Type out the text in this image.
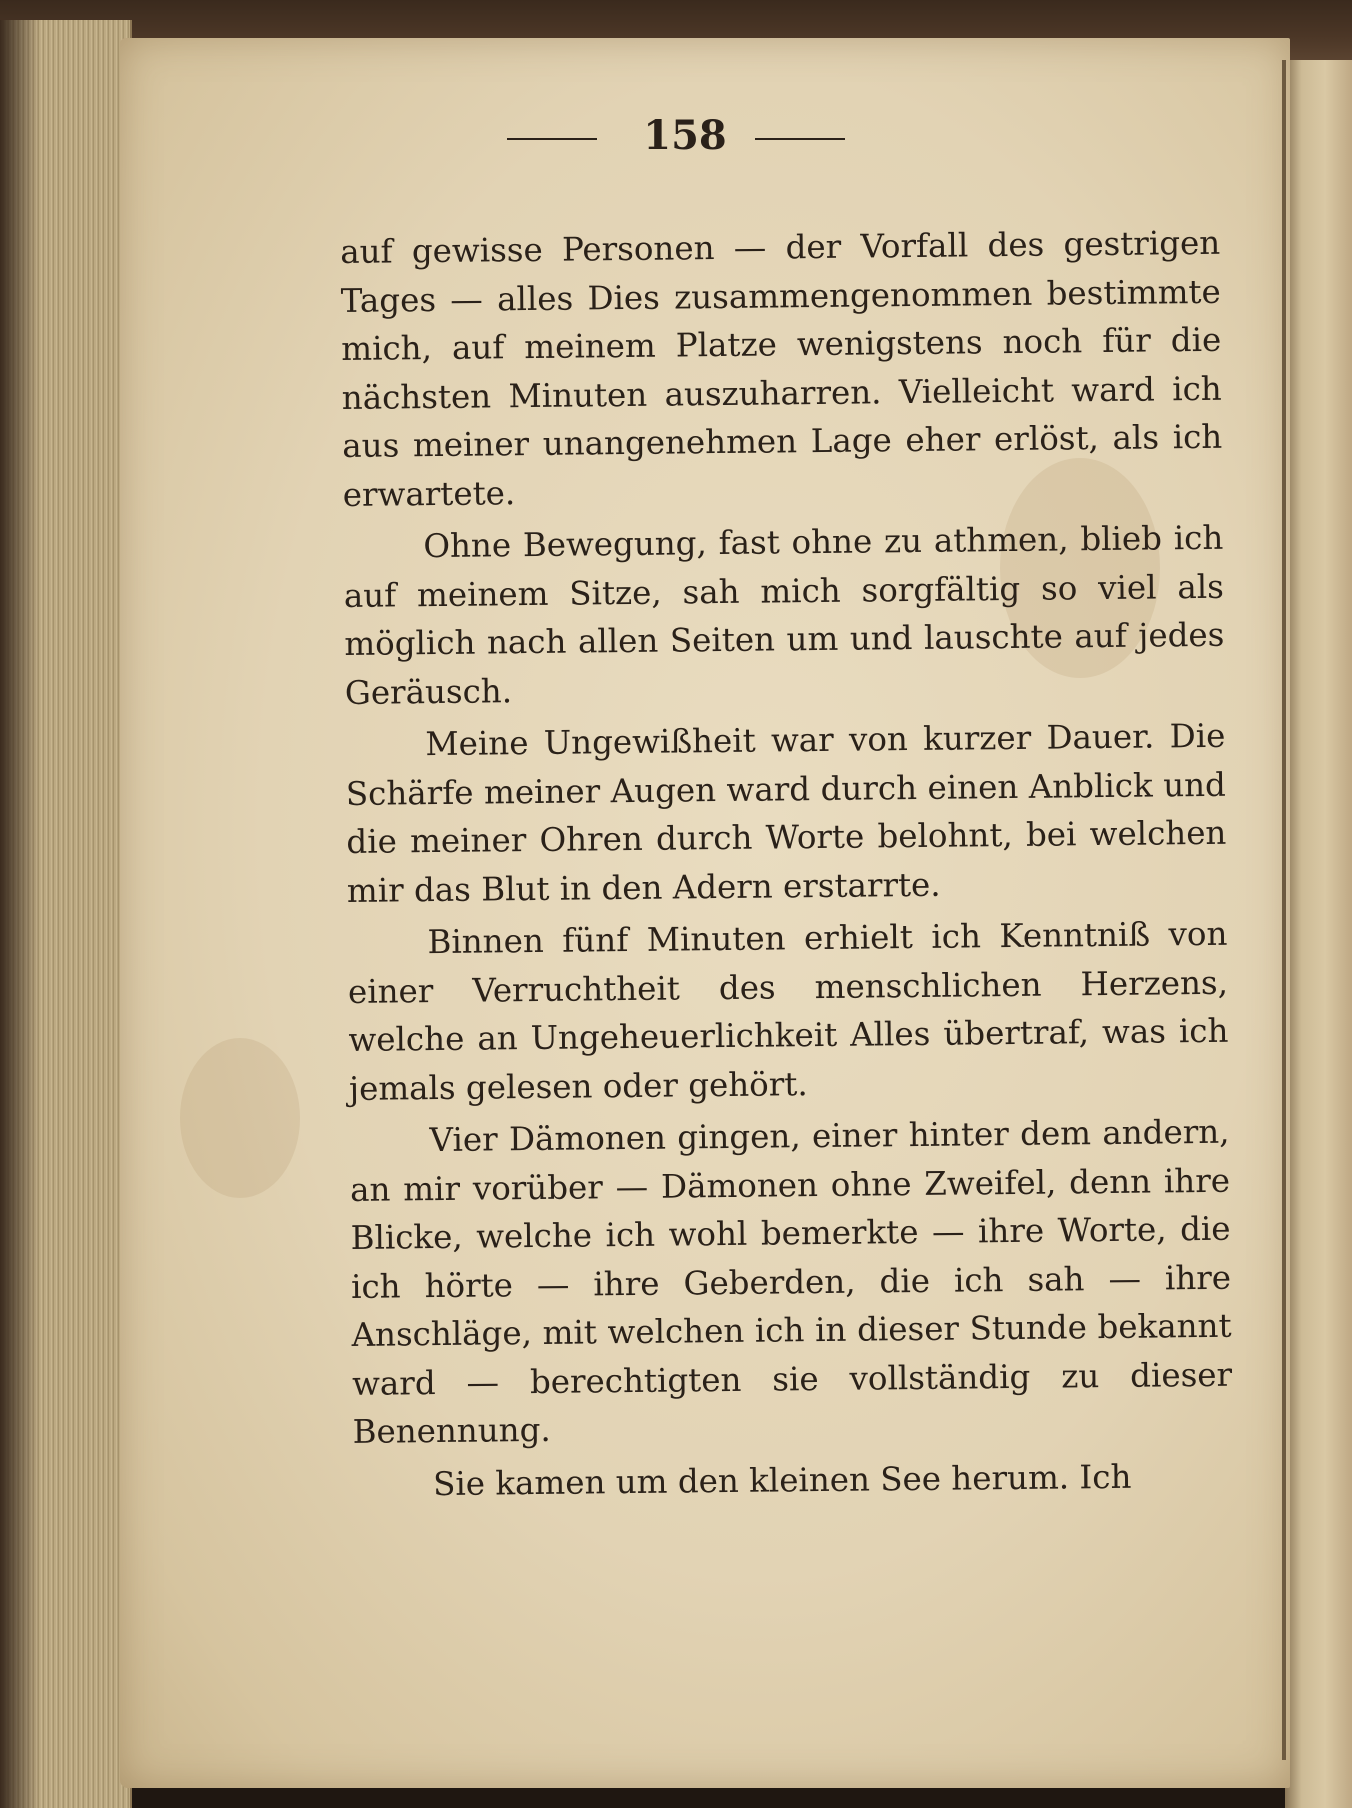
158

auf gewisse Personen — der Vorfall des gestrigen Tages — alles Dies zusammengenommen bestimmte mich, auf meinem Platze wenigstens noch für die nächsten Minuten auszuharren. Vielleicht ward ich aus meiner unangenehmen Lage eher erlöst, als ich erwartete.

Ohne Bewegung, fast ohne zu athmen, blieb ich auf meinem Sitze, sah mich sorgfältig so viel als möglich nach allen Seiten um und lauschte auf jedes Geräusch.

Meine Ungewißheit war von kurzer Dauer. Die Schärfe meiner Augen ward durch einen Anblick und die meiner Ohren durch Worte belohnt, bei welchen mir das Blut in den Adern erstarrte.

Binnen fünf Minuten erhielt ich Kenntniß von einer Verruchtheit des menschlichen Herzens, welche an Ungeheuerlichkeit Alles übertraf, was ich jemals gelesen oder gehört.

Vier Dämonen gingen, einer hinter dem andern, an mir vorüber — Dämonen ohne Zweifel, denn ihre Blicke, welche ich wohl bemerkte — ihre Worte, die ich hörte — ihre Geberden, die ich sah — ihre Anschläge, mit welchen ich in dieser Stunde bekannt ward — berechtigten sie vollständig zu dieser Benennung.

Sie kamen um den kleinen See herum. Ich
